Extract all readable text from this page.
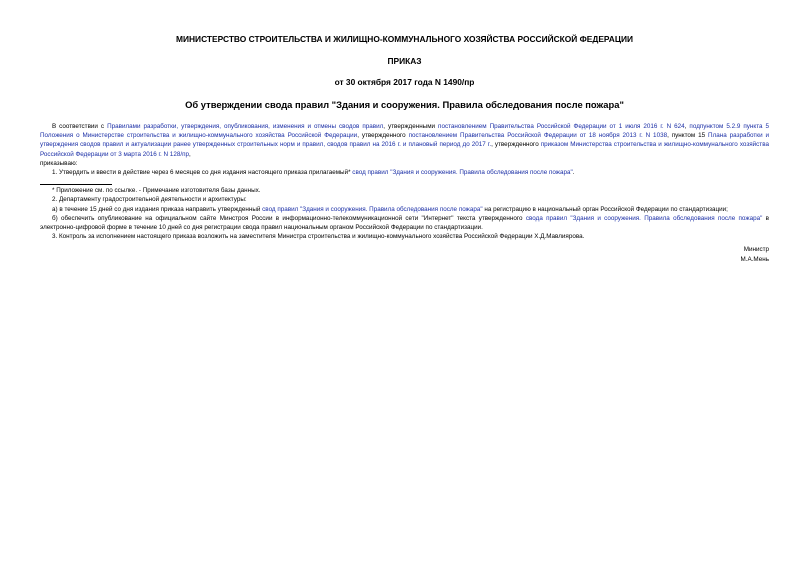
МИНИСТЕРСТВО СТРОИТЕЛЬСТВА И ЖИЛИЩНО-КОММУНАЛЬНОГО ХОЗЯЙСТВА РОССИЙСКОЙ ФЕДЕРАЦИИ
ПРИКАЗ
от 30 октября 2017 года N 1490/пр
Об утверждении свода правил "Здания и сооружения. Правила обследования после пожара"

В соответствии с Правилами разработки, утверждения, опубликования, изменения и отмены сводов правил, утвержденными постановлением Правительства Российской Федерации от 1 июля 2016 г. N 624, подпунктом 5.2.9 пункта 5 Положения о Министерстве строительства и жилищно-коммунального хозяйства Российской Федерации, утвержденного постановлением Правительства Российской Федерации от 18 ноября 2013 г. N 1038, пунктом 15 Плана разработки и утверждения сводов правил и актуализации ранее утвержденных строительных норм и правил, сводов правил на 2016 г. и плановый период до 2017 г., утвержденного приказом Министерства строительства и жилищно-коммунального хозяйства Российской Федерации от 3 марта 2016 г. N 128/пр,

приказываю:

1. Утвердить и ввести в действие через 6 месяцев со дня издания настоящего приказа прилагаемый* свод правил "Здания и сооружения. Правила обследования после пожара".

* Приложение см. по ссылке. - Примечание изготовителя базы данных.

2. Департаменту градостроительной деятельности и архитектуры:

а) в течение 15 дней со дня издания приказа направить утвержденный свод правил "Здания и сооружения. Правила обследования после пожара" на регистрацию в национальный орган Российской Федерации по стандартизации;

б) обеспечить опубликование на официальном сайте Минстроя России в информационно-телекоммуникационной сети "Интернет" текста утвержденного свода правил "Здания и сооружения. Правила обследования после пожара" в электронно-цифровой форме в течение 10 дней со дня регистрации свода правил национальным органом Российской Федерации по стандартизации.

3. Контроль за исполнением настоящего приказа возложить на заместителя Министра строительства и жилищно-коммунального хозяйства Российской Федерации Х.Д.Мавлиярова.

Министр
М.А.Мень
